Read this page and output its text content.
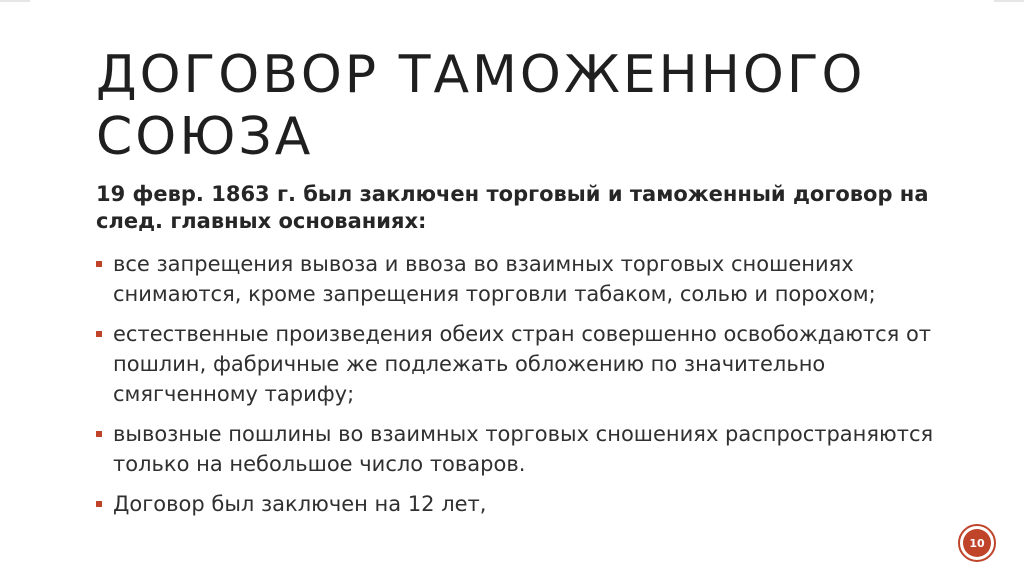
ДОГОВОР ТАМОЖЕННОГО СОЮЗА

19 февр. 1863 г. был заключен торговый и таможенный договор на след. главных основаниях:

все запрещения вывоза и ввоза во взаимных торговых сношениях снимаются, кроме запрещения торговли табаком, солью и порохом;
естественные произведения обеих стран совершенно освобождаются от пошлин, фабричные же подлежать обложению по значительно смягченному тарифу;
вывозные пошлины во взаимных торговых сношениях распространяются только на небольшое число товаров.
Договор был заключен на 12 лет,
10
